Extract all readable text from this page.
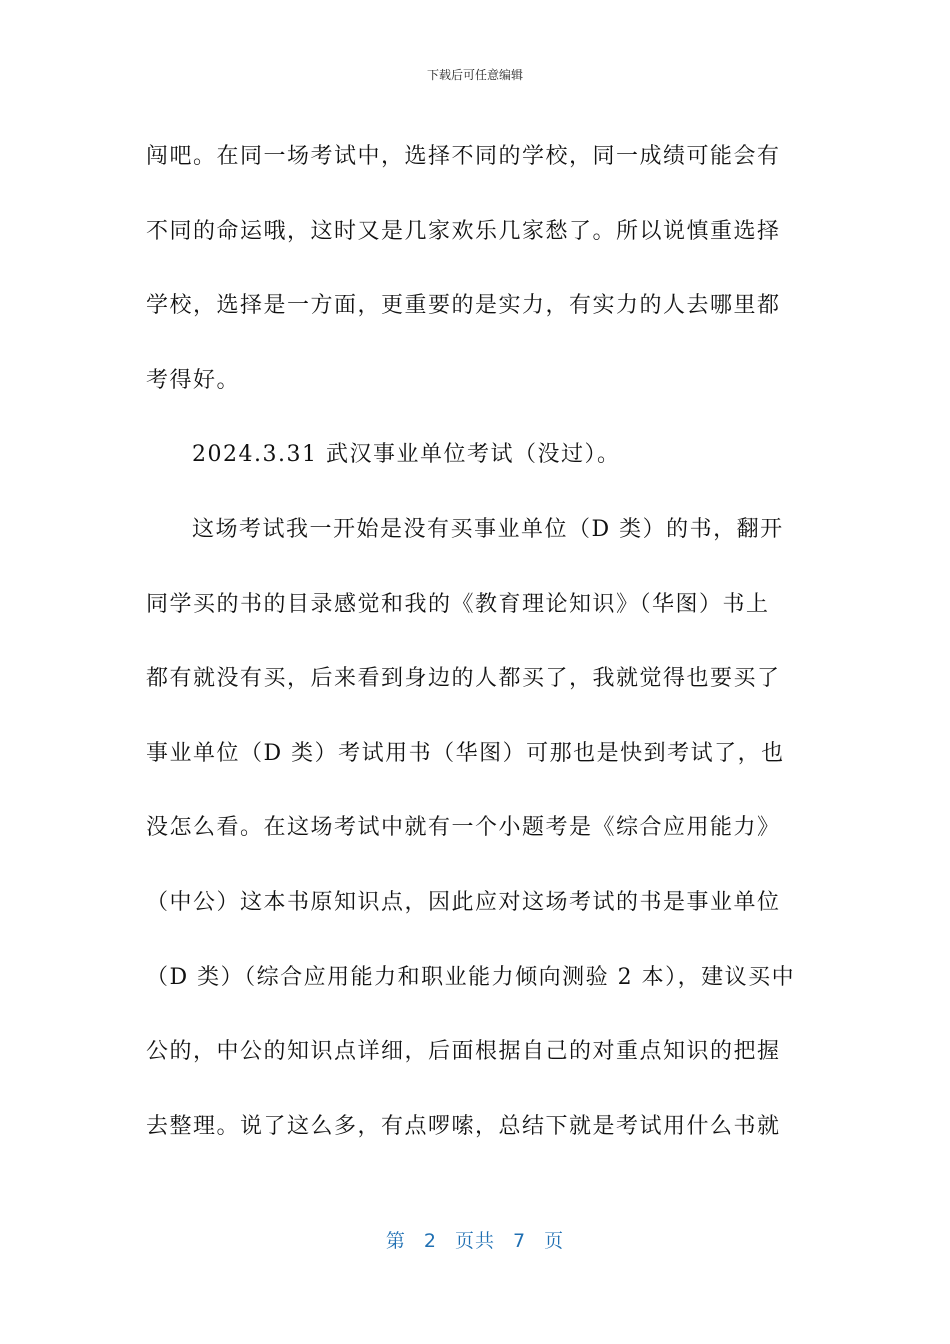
下载后可任意编辑
闯吧。在同一场考试中，选择不同的学校，同一成绩可能会有
不同的命运哦，这时又是几家欢乐几家愁了。所以说慎重选择
学校，选择是一方面，更重要的是实力，有实力的人去哪里都
考得好。
2024.3.31 武汉事业单位考试（没过）。
这场考试我一开始是没有买事业单位（D 类）的书，翻开
同学买的书的目录感觉和我的《教育理论知识》（华图）书上
都有就没有买，后来看到身边的人都买了，我就觉得也要买了
事业单位（D 类）考试用书（华图）可那也是快到考试了，也
没怎么看。在这场考试中就有一个小题考是《综合应用能力》
（中公）这本书原知识点，因此应对这场考试的书是事业单位
（D 类）（综合应用能力和职业能力倾向测验 2 本），建议买中
公的，中公的知识点详细，后面根据自己的对重点知识的把握
去整理。说了这么多，有点啰嗦，总结下就是考试用什么书就
第 2 页共 7 页
